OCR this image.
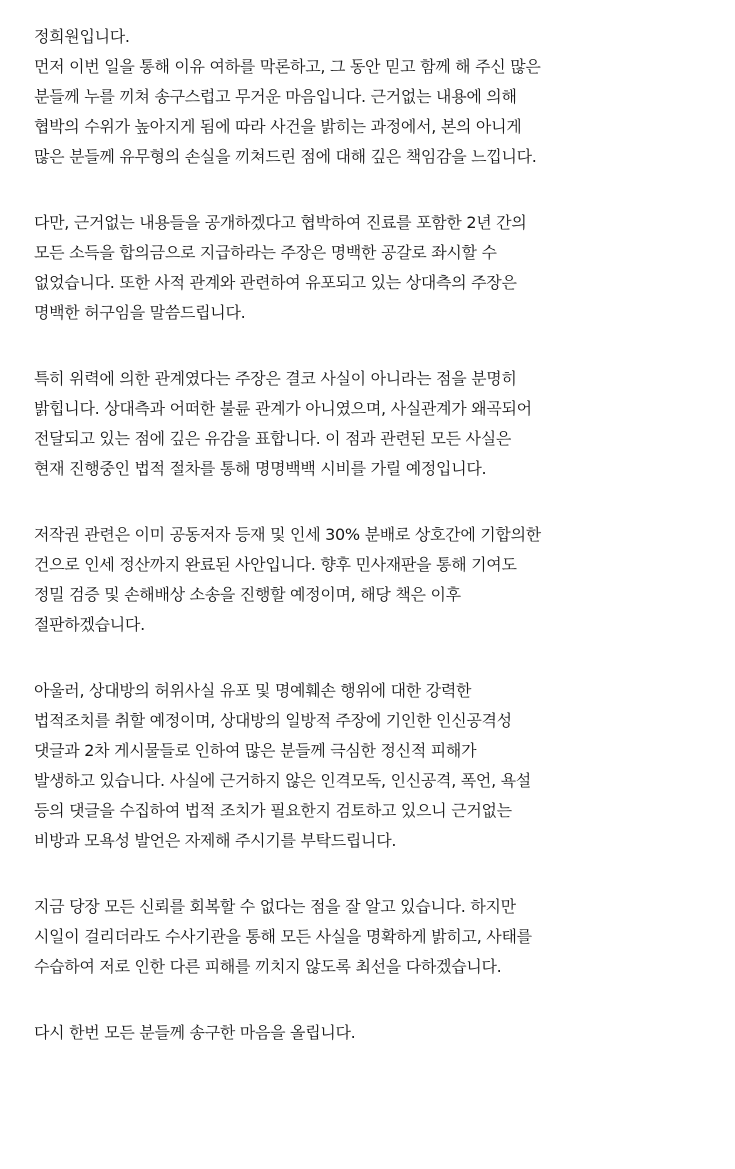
정희원입니다.
먼저 이번 일을 통해 이유 여하를 막론하고, 그 동안 믿고 함께 해 주신 많은
분들께 누를 끼쳐 송구스럽고 무거운 마음입니다. 근거없는 내용에 의해
협박의 수위가 높아지게 됨에 따라 사건을 밝히는 과정에서, 본의 아니게
많은 분들께 유무형의 손실을 끼쳐드린 점에 대해 깊은 책임감을 느낍니다.

다만, 근거없는 내용들을 공개하겠다고 협박하여 진료를 포함한 2년 간의
모든 소득을 합의금으로 지급하라는 주장은 명백한 공갈로 좌시할 수
없었습니다. 또한 사적 관계와 관련하여 유포되고 있는 상대측의 주장은
명백한 허구임을 말씀드립니다.

특히 위력에 의한 관계였다는 주장은 결코 사실이 아니라는 점을 분명히
밝힙니다. 상대측과 어떠한 불륜 관계가 아니였으며, 사실관계가 왜곡되어
전달되고 있는 점에 깊은 유감을 표합니다. 이 점과 관련된 모든 사실은
현재 진행중인 법적 절차를 통해 명명백백 시비를 가릴 예정입니다.

저작권 관련은 이미 공동저자 등재 및 인세 30% 분배로 상호간에 기합의한
건으로 인세 정산까지 완료된 사안입니다. 향후 민사재판을 통해 기여도
정밀 검증 및 손해배상 소송을 진행할 예정이며, 해당 책은 이후
절판하겠습니다.

아울러, 상대방의 허위사실 유포 및 명예훼손 행위에 대한 강력한
법적조치를 취할 예정이며, 상대방의 일방적 주장에 기인한 인신공격성
댓글과 2차 게시물들로 인하여 많은 분들께 극심한 정신적 피해가
발생하고 있습니다. 사실에 근거하지 않은 인격모독, 인신공격, 폭언, 욕설
등의 댓글을 수집하여 법적 조치가 필요한지 검토하고 있으니 근거없는
비방과 모욕성 발언은 자제해 주시기를 부탁드립니다.

지금 당장 모든 신뢰를 회복할 수 없다는 점을 잘 알고 있습니다. 하지만
시일이 걸리더라도 수사기관을 통해 모든 사실을 명확하게 밝히고, 사태를
수습하여 저로 인한 다른 피해를 끼치지 않도록 최선을 다하겠습니다.

다시 한번 모든 분들께 송구한 마음을 올립니다.
